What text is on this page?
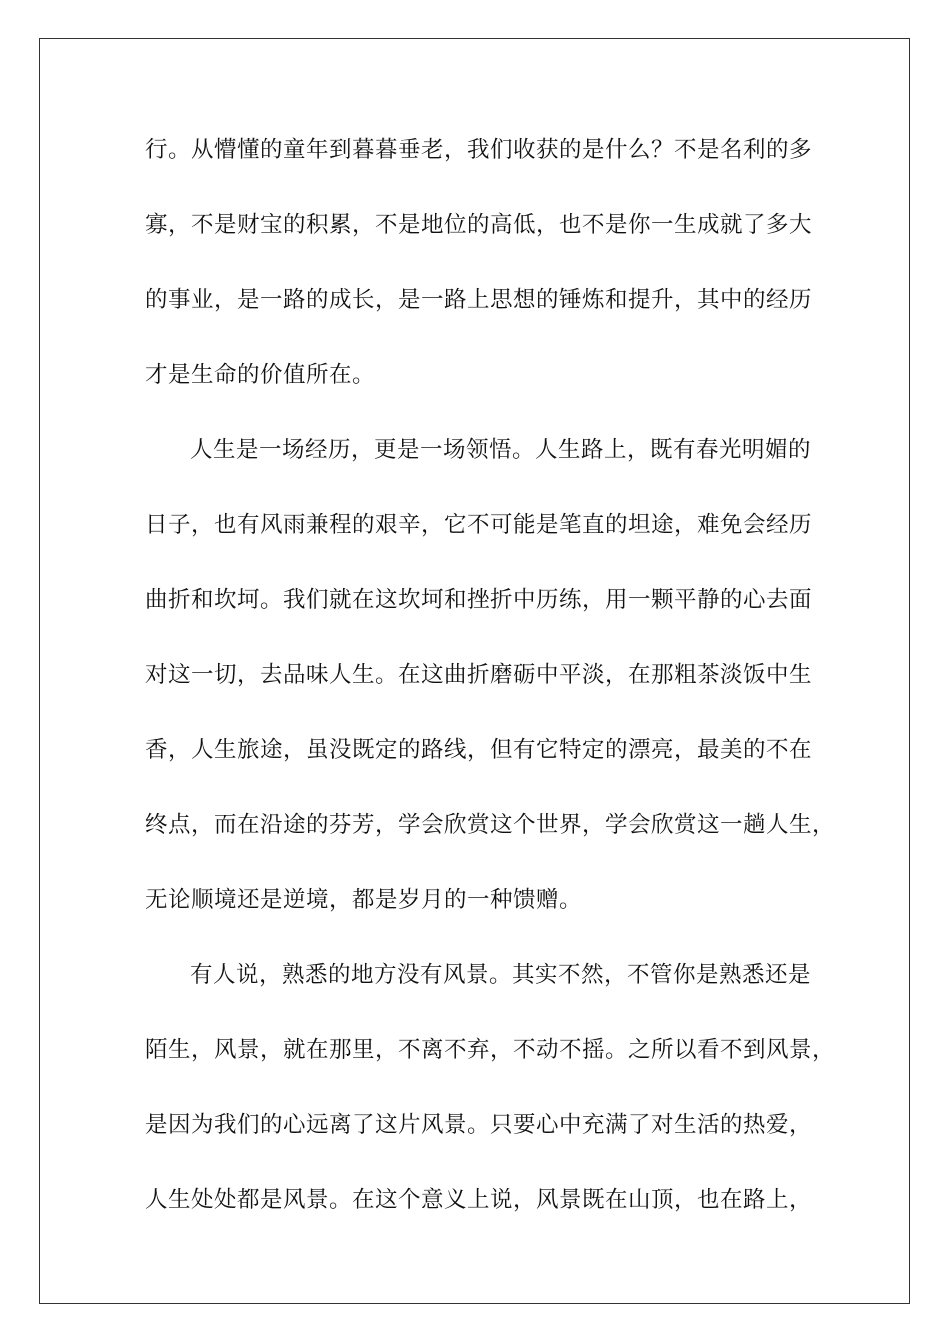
行。从懵懂的童年到暮暮垂老，我们收获的是什么？不是名利的多
寡，不是财宝的积累，不是地位的高低，也不是你一生成就了多大
的事业，是一路的成长，是一路上思想的锤炼和提升，其中的经历
才是生命的价值所在。
人生是一场经历，更是一场领悟。人生路上，既有春光明媚的
日子，也有风雨兼程的艰辛，它不可能是笔直的坦途，难免会经历
曲折和坎坷。我们就在这坎坷和挫折中历练，用一颗平静的心去面
对这一切，去品味人生。在这曲折磨砺中平淡，在那粗茶淡饭中生
香，人生旅途，虽没既定的路线，但有它特定的漂亮，最美的不在
终点，而在沿途的芬芳，学会欣赏这个世界，学会欣赏这一趟人生，
无论顺境还是逆境，都是岁月的一种馈赠。
有人说，熟悉的地方没有风景。其实不然，不管你是熟悉还是
陌生，风景，就在那里，不离不弃，不动不摇。之所以看不到风景，
是因为我们的心远离了这片风景。只要心中充满了对生活的热爱，
人生处处都是风景。在这个意义上说，风景既在山顶，也在路上，
